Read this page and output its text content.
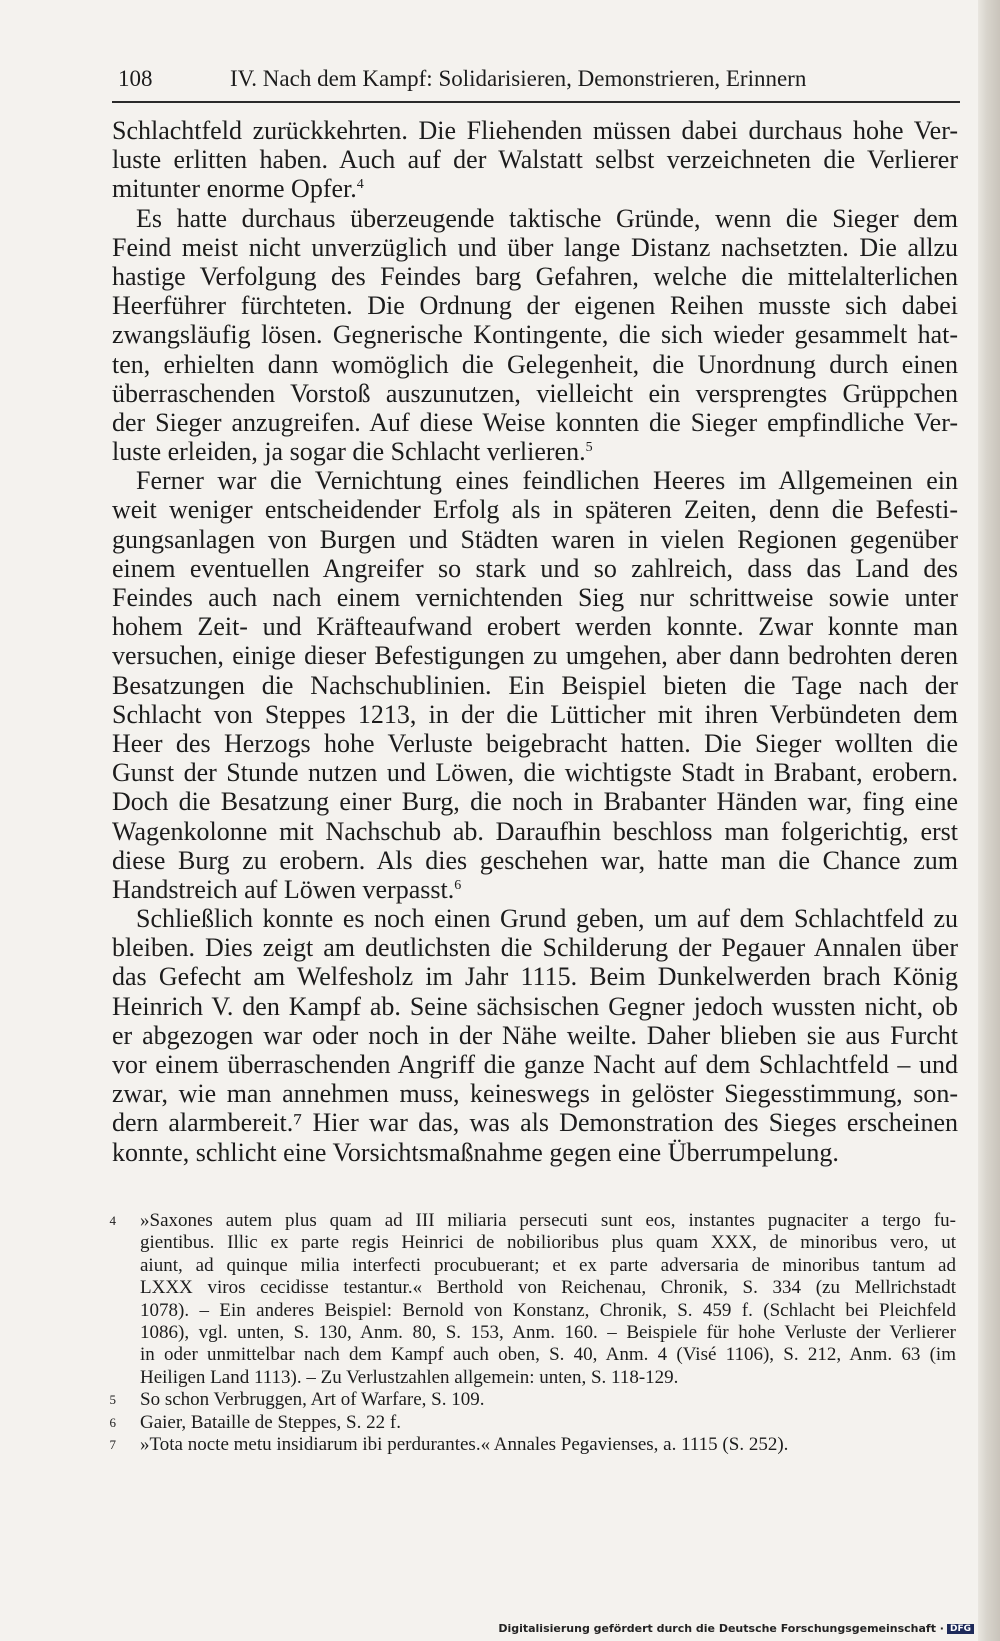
108	IV. Nach dem Kampf: Solidarisieren, Demonstrieren, Erinnern
Schlachtfeld zurückkehrten. Die Fliehenden müssen dabei durchaus hohe Ver-
luste erlitten haben. Auch auf der Walstatt selbst verzeichneten die Verlierer
mitunter enorme Opfer.$^4$
Es hatte durchaus überzeugende taktische Gründe, wenn die Sieger dem
Feind meist nicht unverzüglich und über lange Distanz nachsetzten. Die allzu
hastige Verfolgung des Feindes barg Gefahren, welche die mittelalterlichen
Heerführer fürchteten. Die Ordnung der eigenen Reihen musste sich dabei
zwangsläufig lösen. Gegnerische Kontingente, die sich wieder gesammelt hat-
ten, erhielten dann womöglich die Gelegenheit, die Unordnung durch einen
überraschenden Vorstoß auszunutzen, vielleicht ein versprengtes Grüppchen
der Sieger anzugreifen. Auf diese Weise konnten die Sieger empfindliche Ver-
luste erleiden, ja sogar die Schlacht verlieren.$^5$
Ferner war die Vernichtung eines feindlichen Heeres im Allgemeinen ein
weit weniger entscheidender Erfolg als in späteren Zeiten, denn die Befesti-
gungsanlagen von Burgen und Städten waren in vielen Regionen gegenüber
einem eventuellen Angreifer so stark und so zahlreich, dass das Land des
Feindes auch nach einem vernichtenden Sieg nur schrittweise sowie unter
hohem Zeit- und Kräfteaufwand erobert werden konnte. Zwar konnte man
versuchen, einige dieser Befestigungen zu umgehen, aber dann bedrohten deren
Besatzungen die Nachschublinien. Ein Beispiel bieten die Tage nach der
Schlacht von Steppes 1213, in der die Lütticher mit ihren Verbündeten dem
Heer des Herzogs hohe Verluste beigebracht hatten. Die Sieger wollten die
Gunst der Stunde nutzen und Löwen, die wichtigste Stadt in Brabant, erobern.
Doch die Besatzung einer Burg, die noch in Brabanter Händen war, fing eine
Wagenkolonne mit Nachschub ab. Daraufhin beschloss man folgerichtig, erst
diese Burg zu erobern. Als dies geschehen war, hatte man die Chance zum
Handstreich auf Löwen verpasst.$^6$
Schließlich konnte es noch einen Grund geben, um auf dem Schlachtfeld zu
bleiben. Dies zeigt am deutlichsten die Schilderung der Pegauer Annalen über
das Gefecht am Welfesholz im Jahr 1115. Beim Dunkelwerden brach König
Heinrich V. den Kampf ab. Seine sächsischen Gegner jedoch wussten nicht, ob
er abgezogen war oder noch in der Nähe weilte. Daher blieben sie aus Furcht
vor einem überraschenden Angriff die ganze Nacht auf dem Schlachtfeld – und
zwar, wie man annehmen muss, keineswegs in gelöster Siegesstimmung, son-
dern alarmbereit.⁷ Hier war das, was als Demonstration des Sieges erscheinen
konnte, schlicht eine Vorsichtsmaßnahme gegen eine Überrumpelung.
4 »Saxones autem plus quam ad III miliaria persecuti sunt eos, instantes pugnaciter a tergo fu-
gientibus. Illic ex parte regis Heinrici de nobilioribus plus quam XXX, de minoribus vero, ut
aiunt, ad quinque milia interfecti procubuerant; et ex parte adversaria de minoribus tantum ad
LXXX viros cecidisse testantur.« Berthold von Reichenau, Chronik, S. 334 (zu Mellrichstadt
1078). – Ein anderes Beispiel: Bernold von Konstanz, Chronik, S. 459 f. (Schlacht bei Pleichfeld
1086), vgl. unten, S. 130, Anm. 80, S. 153, Anm. 160. – Beispiele für hohe Verluste der Verlierer
in oder unmittelbar nach dem Kampf auch oben, S. 40, Anm. 4 (Visé 1106), S. 212, Anm. 63 (im
Heiligen Land 1113). – Zu Verlustzahlen allgemein: unten, S. 118-129.
5 So schon Verbruggen, Art of Warfare, S. 109.
6 Gaier, Bataille de Steppes, S. 22 f.
7 »Tota nocte metu insidiarum ibi perdurantes.« Annales Pegavienses, a. 1115 (S. 252).
Digitalisierung gefördert durch die Deutsche Forschungsgemeinschaft · DFG
